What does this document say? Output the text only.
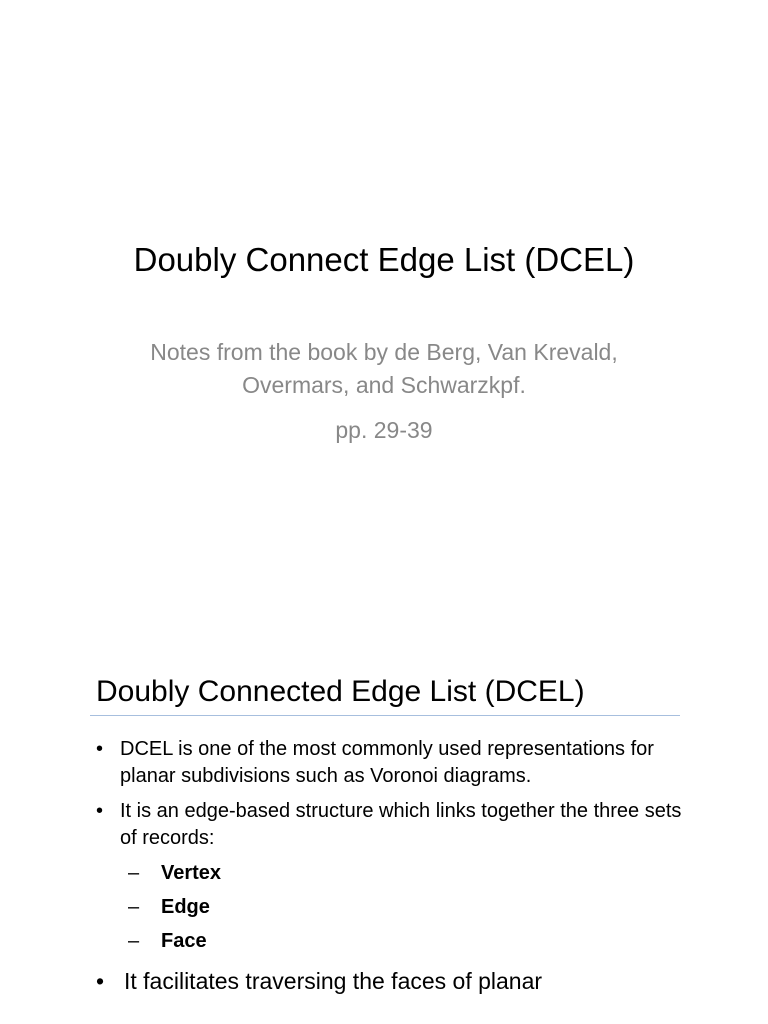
Doubly Connect Edge List (DCEL)
Notes from the book by de Berg, Van Krevald, Overmars, and Schwarzkpf.
pp. 29-39
Doubly Connected Edge List (DCEL)
• DCEL is one of the most commonly used representations for planar subdivisions such as Voronoi diagrams.
• It is an edge-based structure which links together the three sets of records:
– Vertex
– Edge
– Face
• It facilitates traversing the faces of planar
